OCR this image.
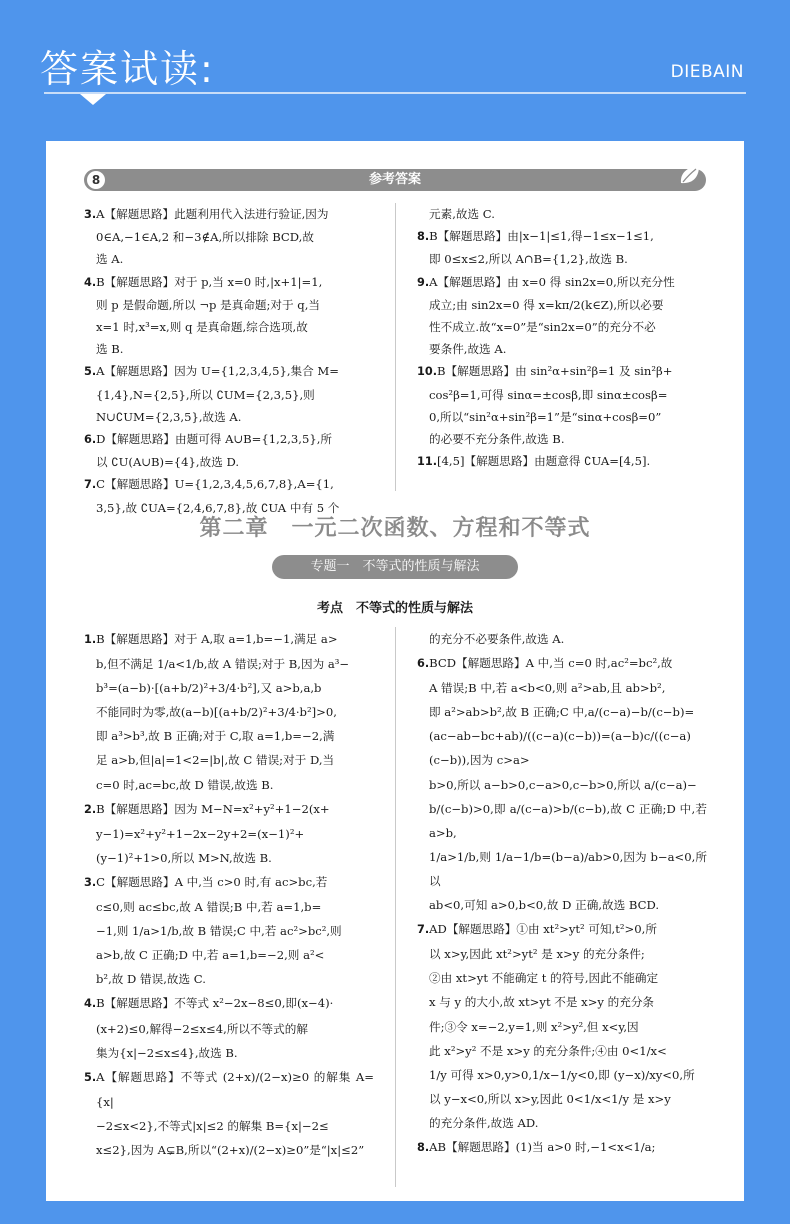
答案试读:	DIEBAIN
8	参考答案
3.A【解题思路】此题利用代入法进行验证,因为
0∈A,−1∈A,2 和−3∉A,所以排除 BCD,故
选 A.
4.B【解题思路】对于 p,当 x=0 时,|x+1|=1,
则 p 是假命题,所以 ¬p 是真命题;对于 q,当
x=1 时,x³=x,则 q 是真命题,综合选项,故
选 B.
5.A【解题思路】因为 U={1,2,3,4,5},集合 M=
{1,4},N={2,5},所以 ∁UM={2,3,5},则
N∪∁UM={2,3,5},故选 A.
6.D【解题思路】由题可得 A∪B={1,2,3,5},所
以 ∁U(A∪B)={4},故选 D.
7.C【解题思路】U={1,2,3,4,5,6,7,8},A={1,
3,5},故 ∁UA={2,4,6,7,8},故 ∁UA 中有 5 个
元素,故选 C.
8.B【解题思路】由|x−1|≤1,得−1≤x−1≤1,
即 0≤x≤2,所以 A∩B={1,2},故选 B.
9.A【解题思路】由 x=0 得 sin2x=0,所以充分性
成立;由 sin2x=0 得 x=kπ/2(k∈Z),所以必要
性不成立.故“x=0”是“sin2x=0”的充分不必
要条件,故选 A.
10.B【解题思路】由 sin²α+sin²β=1 及 sin²β+
cos²β=1,可得 sinα=±cosβ,即 sinα±cosβ=
0,所以“sin²α+sin²β=1”是“sinα+cosβ=0”
的必要不充分条件,故选 B.
11.[4,5]【解题思路】由题意得 ∁UA=[4,5].
第二章　一元二次函数、方程和不等式
专题一　不等式的性质与解法
考点　不等式的性质与解法
1.B【解题思路】对于 A,取 a=1,b=−1,满足 a>
b,但不满足 1/a<1/b,故 A 错误;对于 B,因为 a³−
b³=(a−b)·[(a+b/2)²+3/4·b²],又 a>b,a,b
不能同时为零,故(a−b)[(a+b/2)²+3/4·b²]>0,
即 a³>b³,故 B 正确;对于 C,取 a=1,b=−2,满
足 a>b,但|a|=1<2=|b|,故 C 错误;对于 D,当
c=0 时,ac=bc,故 D 错误,故选 B.
2.B【解题思路】因为 M−N=x²+y²+1−2(x+
y−1)=x²+y²+1−2x−2y+2=(x−1)²+
(y−1)²+1>0,所以 M>N,故选 B.
3.C【解题思路】A 中,当 c>0 时,有 ac>bc,若
c≤0,则 ac≤bc,故 A 错误;B 中,若 a=1,b=
−1,则 1/a>1/b,故 B 错误;C 中,若 ac²>bc²,则
a>b,故 C 正确;D 中,若 a=1,b=−2,则 a²<
b²,故 D 错误,故选 C.
4.B【解题思路】不等式 x²−2x−8≤0,即(x−4)·
(x+2)≤0,解得−2≤x≤4,所以不等式的解
集为{x|−2≤x≤4},故选 B.
5.A【解题思路】不等式 (2+x)/(2−x)≥0 的解集 A={x|
−2≤x<2},不等式|x|≤2 的解集 B={x|−2≤
x≤2},因为 A⊊B,所以“(2+x)/(2−x)≥0”是“|x|≤2”
的充分不必要条件,故选 A.
6.BCD【解题思路】A 中,当 c=0 时,ac²=bc²,故
A 错误;B 中,若 a<b<0,则 a²>ab,且 ab>b²,
即 a²>ab>b²,故 B 正确;C 中,a/(c−a)−b/(c−b)=
(ac−ab−bc+ab)/((c−a)(c−b))=(a−b)c/((c−a)(c−b)),因为 c>a>
b>0,所以 a−b>0,c−a>0,c−b>0,所以 a/(c−a)−
b/(c−b)>0,即 a/(c−a)>b/(c−b),故 C 正确;D 中,若 a>b,
1/a>1/b,则 1/a−1/b=(b−a)/ab>0,因为 b−a<0,所以
ab<0,可知 a>0,b<0,故 D 正确,故选 BCD.
7.AD【解题思路】①由 xt²>yt² 可知,t²>0,所
以 x>y,因此 xt²>yt² 是 x>y 的充分条件;
②由 xt>yt 不能确定 t 的符号,因此不能确定
x 与 y 的大小,故 xt>yt 不是 x>y 的充分条
件;③令 x=−2,y=1,则 x²>y²,但 x<y,因
此 x²>y² 不是 x>y 的充分条件;④由 0<1/x<
1/y 可得 x>0,y>0,1/x−1/y<0,即 (y−x)/xy<0,所
以 y−x<0,所以 x>y,因此 0<1/x<1/y 是 x>y
的充分条件,故选 AD.
8.AB【解题思路】(1)当 a>0 时,−1<x<1/a;
